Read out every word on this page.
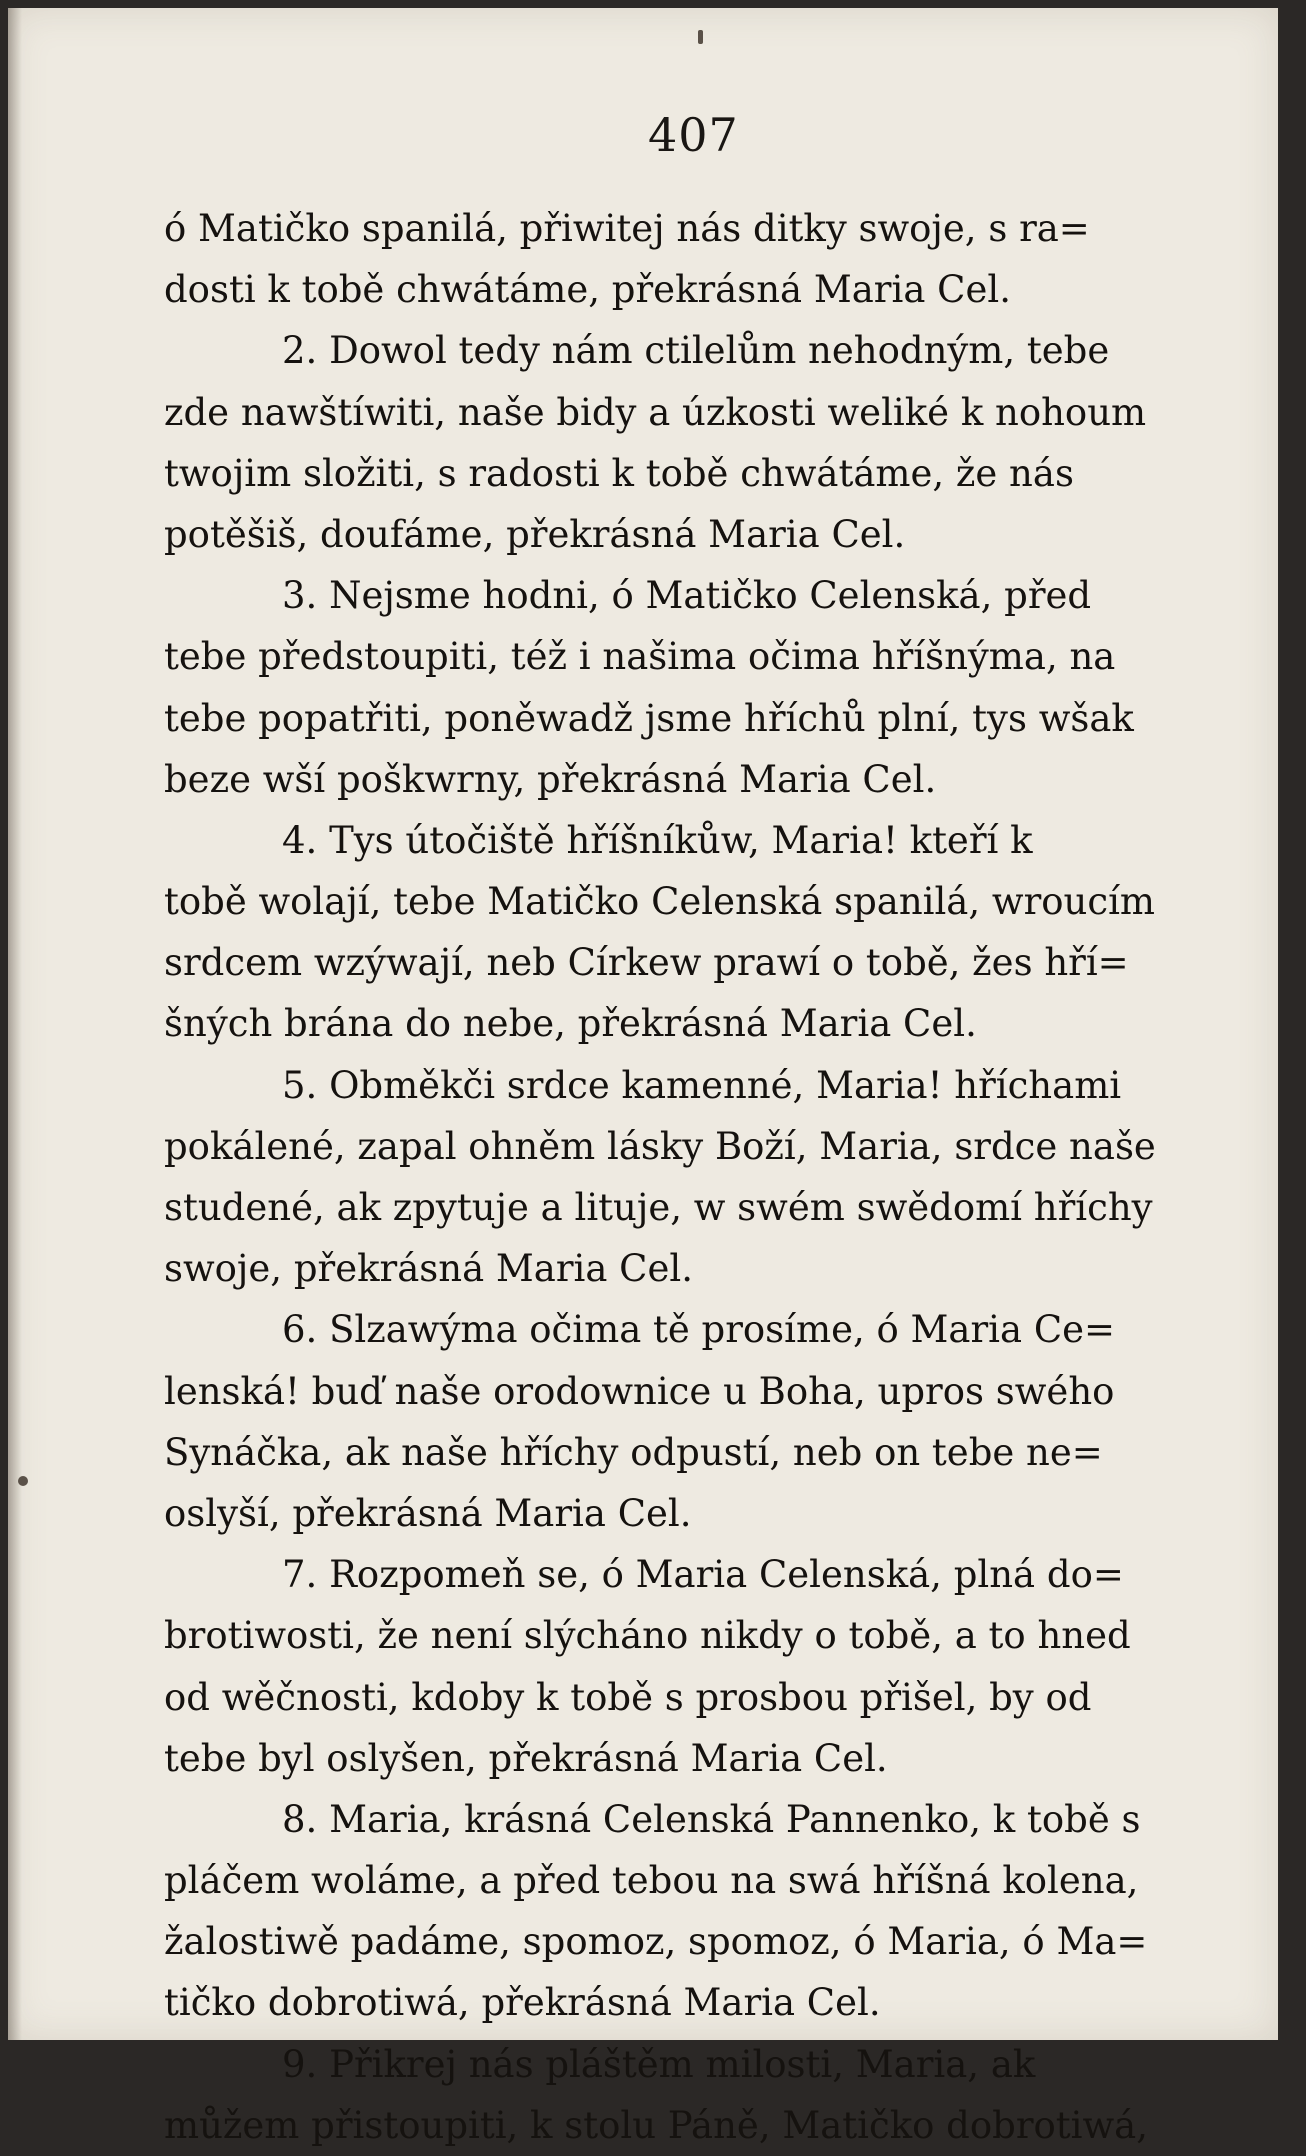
407
ó Matičko spanilá, přiwitej nás ditky swoje, s ra=
dosti k tobě chwátáme, překrásná Maria Cel.
2. Dowol tedy nám ctilelům nehodným, tebe
zde nawštíwiti, naše bidy a úzkosti weliké k nohoum
twojim složiti, s radosti k tobě chwátáme, že nás
potěšiš, doufáme, překrásná Maria Cel.
3. Nejsme hodni, ó Matičko Celenská, před
tebe předstoupiti, též i našima očima hříšnýma, na
tebe popatřiti, poněwadž jsme hříchů plní, tys wšak
beze wší poškwrny, překrásná Maria Cel.
4. Tys útočiště hříšníkůw, Maria! kteří k
tobě wolají, tebe Matičko Celenská spanilá, wroucím
srdcem wzýwají, neb Církew prawí o tobě, žes hří=
šných brána do nebe, překrásná Maria Cel.
5. Obměkči srdce kamenné, Maria! hříchami
pokálené, zapal ohněm lásky Boží, Maria, srdce naše
studené, ak zpytuje a lituje, w swém swědomí hříchy
swoje, překrásná Maria Cel.
6. Slzawýma očima tě prosíme, ó Maria Ce=
lenská! buď naše orodownice u Boha, upros swého
Synáčka, ak naše hříchy odpustí, neb on tebe ne=
oslyší, překrásná Maria Cel.
7. Rozpomeň se, ó Maria Celenská, plná do=
brotiwosti, že není slýcháno nikdy o tobě, a to hned
od wěčnosti, kdoby k tobě s prosbou přišel, by od
tebe byl oslyšen, překrásná Maria Cel.
8. Maria, krásná Celenská Pannenko, k tobě s
pláčem woláme, a před tebou na swá hříšná kolena,
žalostiwě padáme, spomoz, spomoz, ó Maria, ó Ma=
tičko dobrotiwá, překrásná Maria Cel.
9. Přikrej nás pláštěm milosti, Maria, ak
můžem přistoupiti, k stolu Páně, Matičko dobrotiwá,
